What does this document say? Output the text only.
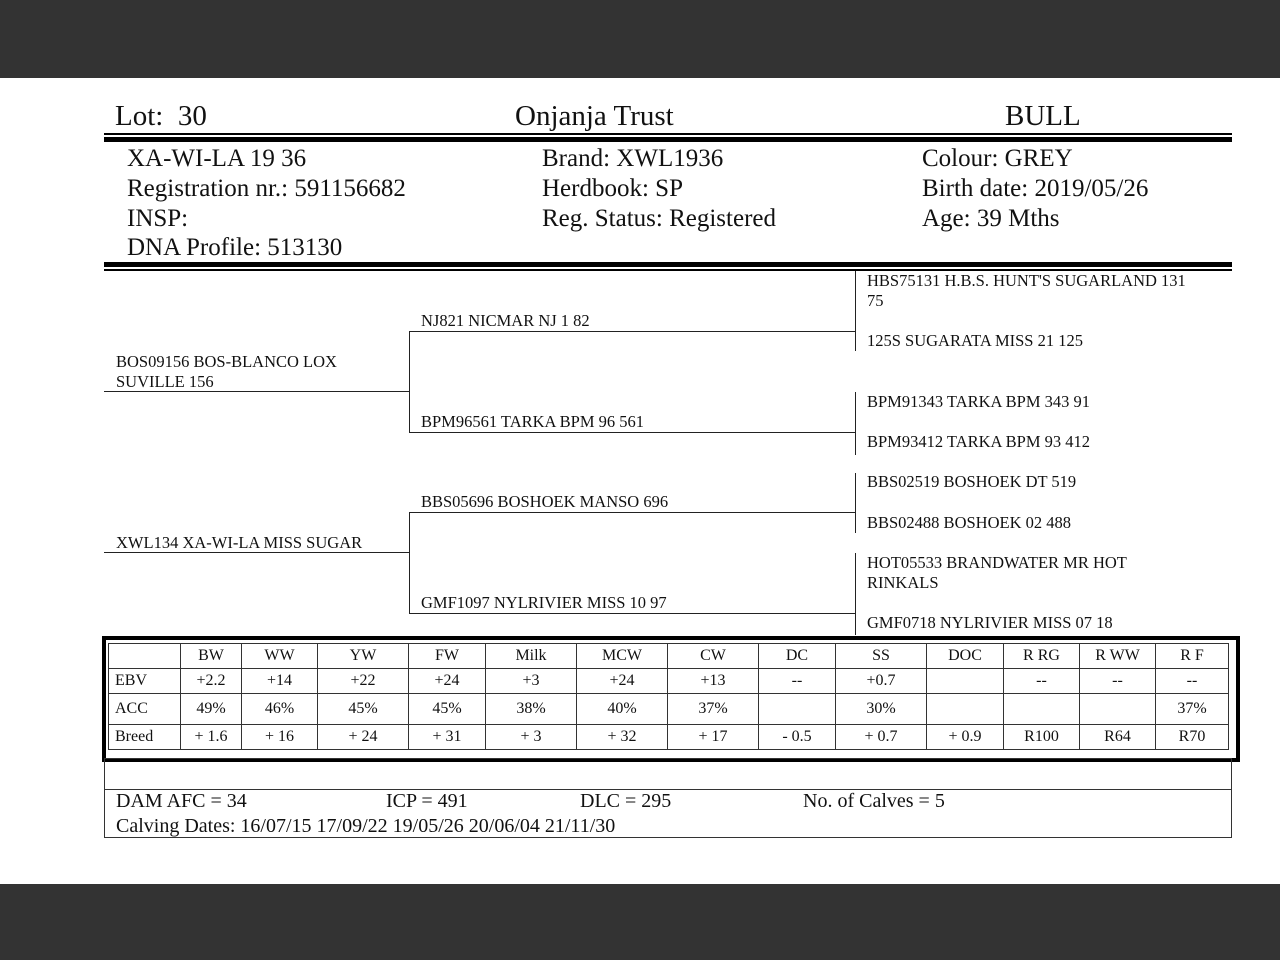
Lot: 30	Onjanja Trust	BULL
XA-WI-LA 19 36
Registration nr.: 591156682
INSP:
DNA Profile: 513130
Brand: XWL1936
Herdbook: SP
Reg. Status: Registered
Colour: GREY
Birth date: 2019/05/26
Age: 39 Mths
BOS09156 BOS-BLANCO LOX
SUVILLE 156
XWL134 XA-WI-LA MISS SUGAR
NJ821 NICMAR NJ 1 82
BPM96561 TARKA BPM 96 561
BBS05696 BOSHOEK MANSO 696
GMF1097 NYLRIVIER MISS 10 97
HBS75131 H.B.S. HUNT'S SUGARLAND 131
75
125S SUGARATA MISS 21 125
BPM91343 TARKA BPM 343 91
BPM93412 TARKA BPM 93 412
BBS02519 BOSHOEK DT 519
BBS02488 BOSHOEK 02 488
HOT05533 BRANDWATER MR HOT
RINKALS
GMF0718 NYLRIVIER MISS 07 18
	BW	WW	YW	FW	Milk	MCW	CW	DC	SS	DOC	R RG	R WW	R F
EBV	+2.2	+14	+22	+24	+3	+24	+13	--	+0.7		--	--	--
ACC	49%	46%	45%	45%	38%	40%	37%		30%				37%
Breed	+ 1.6	+ 16	+ 24	+ 31	+ 3	+ 32	+ 17	- 0.5	+ 0.7	+ 0.9	R100	R64	R70
DAM AFC = 34	ICP = 491	DLC = 295	No. of Calves = 5
Calving Dates: 16/07/15 17/09/22 19/05/26 20/06/04 21/11/30
